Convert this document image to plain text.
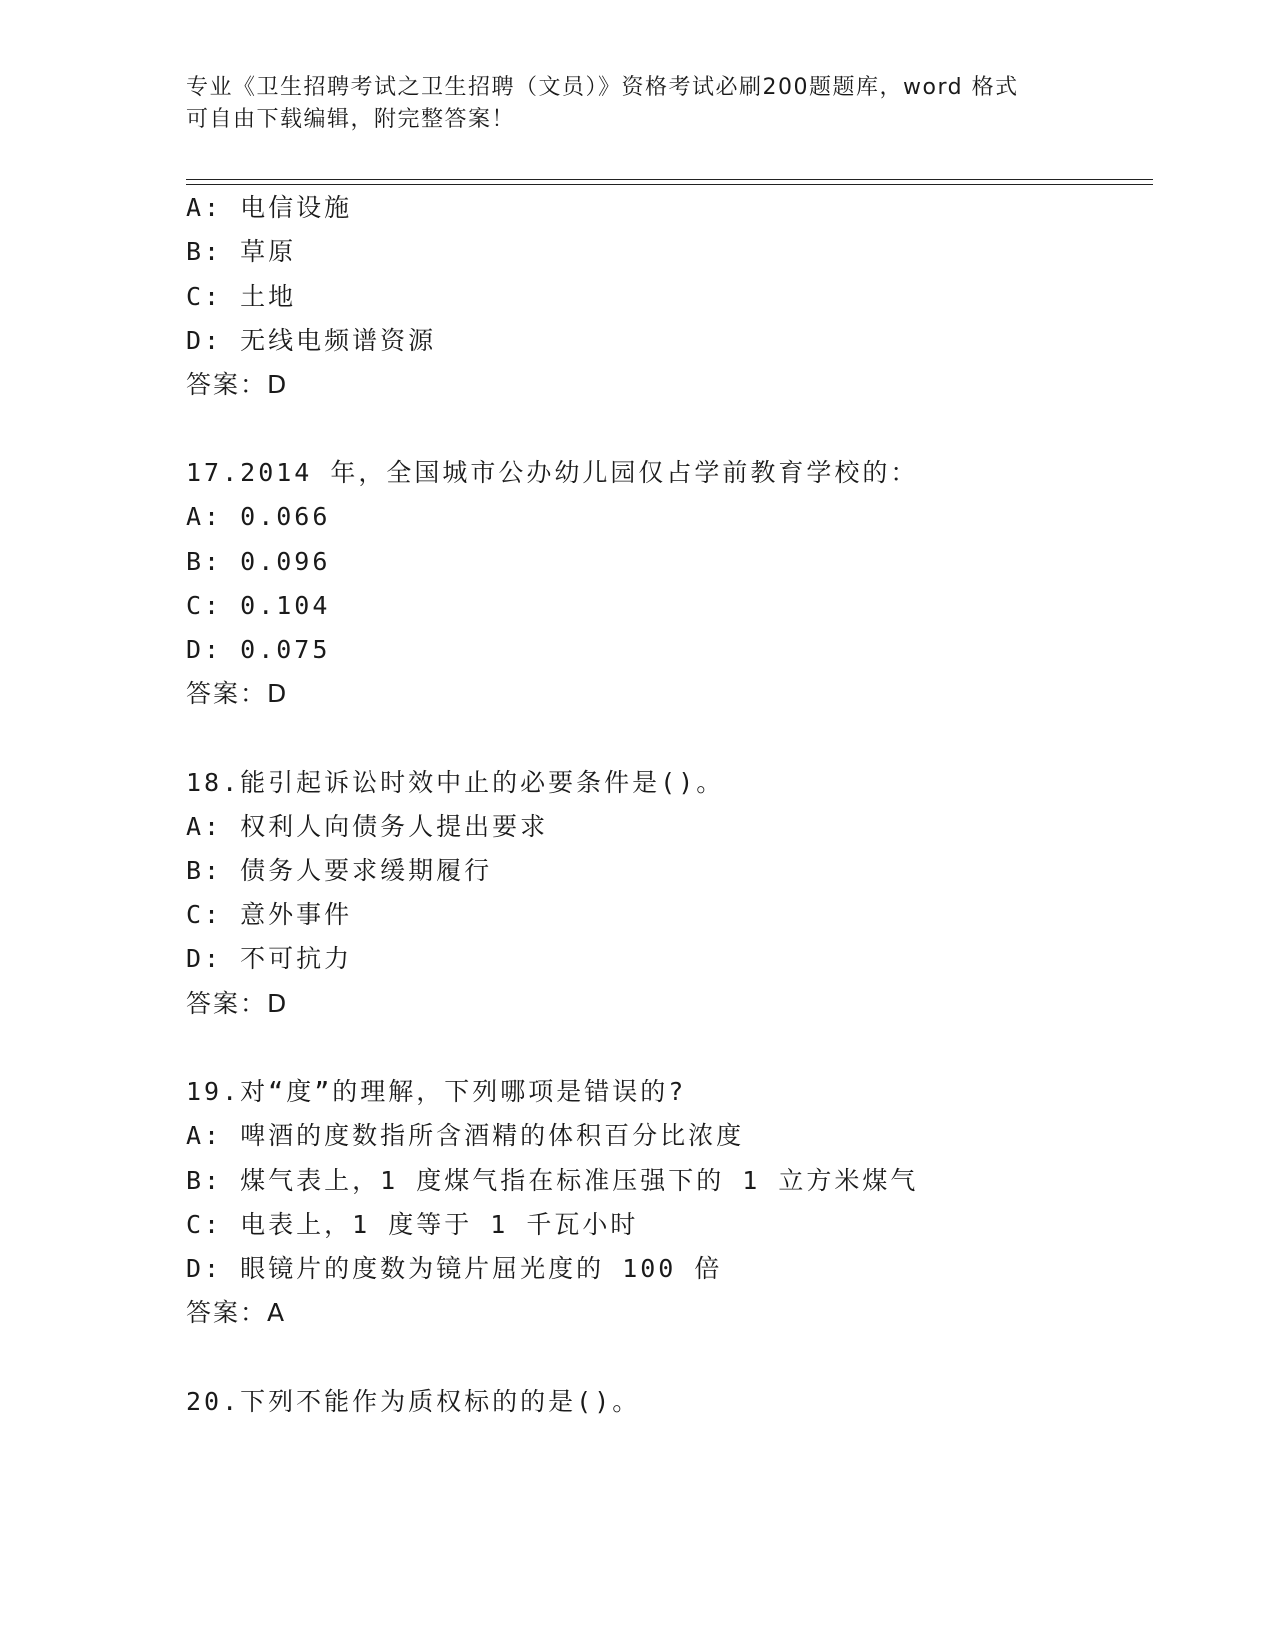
专业《卫生招聘考试之卫生招聘（文员）》资格考试必刷200题题库，word 格式
可自由下载编辑，附完整答案！
A: 电信设施
B: 草原
C: 土地
D: 无线电频谱资源
答案：D
17.2014 年，全国城市公办幼儿园仅占学前教育学校的：
A: 0.066
B: 0.096
C: 0.104
D: 0.075
答案：D
18.能引起诉讼时效中止的必要条件是()。
A: 权利人向债务人提出要求
B: 债务人要求缓期履行
C: 意外事件
D: 不可抗力
答案：D
19.对“度”的理解，下列哪项是错误的?
A: 啤酒的度数指所含酒精的体积百分比浓度
B: 煤气表上，1 度煤气指在标准压强下的 1 立方米煤气
C: 电表上，1 度等于 1 千瓦小时
D: 眼镜片的度数为镜片屈光度的 100 倍
答案：A
20.下列不能作为质权标的的是()。
